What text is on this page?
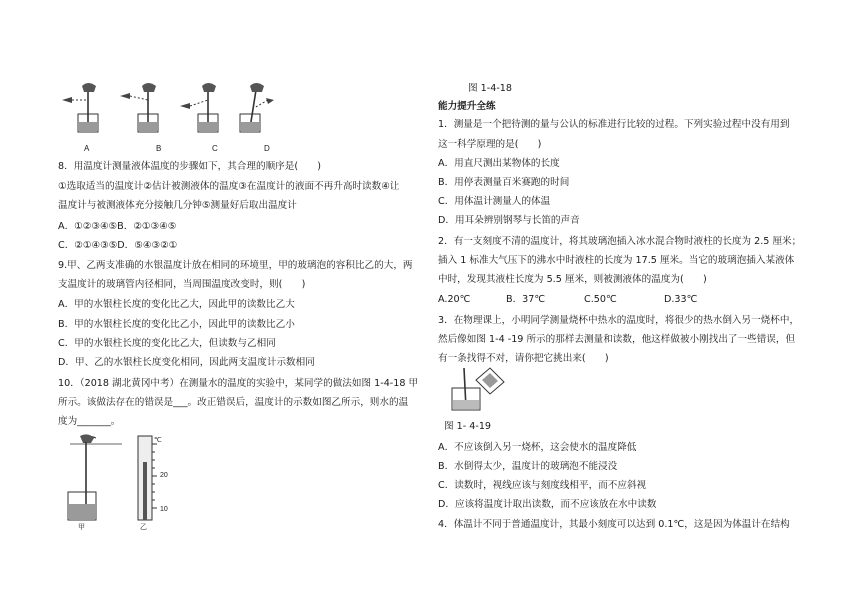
A	B	C	D
8．用温度计测量液体温度的步骤如下，其合理的顺序是(　　)
①选取适当的温度计②估计被测液体的温度③在温度计的液面不再升高时读数④让
温度计与被测液体充分接触几分钟⑤测量好后取出温度计
A．①②③④⑤B．②①③④⑤
C．②①④③⑤D．⑤④③②①
9.甲、乙两支准确的水银温度计放在相同的环境里，甲的玻璃泡的容积比乙的大，两
支温度计的玻璃管内径相同，当周围温度改变时，则(　　)
A．甲的水银柱长度的变化比乙大，因此甲的读数比乙大
B．甲的水银柱长度的变化比乙小，因此甲的读数比乙小
C．甲的水银柱长度的变化比乙大，但读数与乙相同
D．甲、乙的水银柱长度变化相同，因此两支温度计示数相同
10．（2018 湖北黄冈中考）在测量水的温度的实验中，某同学的做法如图 1-4-18 甲
所示。该做法存在的错误是___。改正错误后，温度计的示数如图乙所示，则水的温
度为_______。
℃
20
10
甲	乙
图 1-4-18
能力提升全练
1．测量是一个把待测的量与公认的标准进行比较的过程。下列实验过程中没有用到
这一科学原理的是(　　)
A．用直尺测出某物体的长度
B．用停表测量百米赛跑的时间
C．用体温计测量人的体温
D．用耳朵辨别钢琴与长笛的声音
2．有一支刻度不清的温度计，将其玻璃泡插入冰水混合物时液柱的长度为 2.5 厘米；
插入 1 标准大气压下的沸水中时液柱的长度为 17.5 厘米。当它的玻璃泡插入某液体
中时，发现其液柱长度为 5.5 厘米，则被测液体的温度为(　　)
A.20℃	B．37℃	C.50℃	D.33℃
3．在物理课上，小明同学测量烧杯中热水的温度时，将很少的热水倒入另一烧杯中，
然后像如图 1-4 -19 所示的那样去测量和读数，他这样做被小刚找出了一些错误，但
有一条找得不对，请你把它挑出来(　　)
图 1- 4-19
A．不应该倒入另一烧杯，这会使水的温度降低
B．水倒得太少，温度计的玻璃泡不能浸没
C．读数时，视线应该与刻度线相平，而不应斜视
D．应该将温度计取出读数，而不应该放在水中读数
4．体温计不同于普通温度计，其最小刻度可以达到 0.1℃，这是因为体温计在结构
